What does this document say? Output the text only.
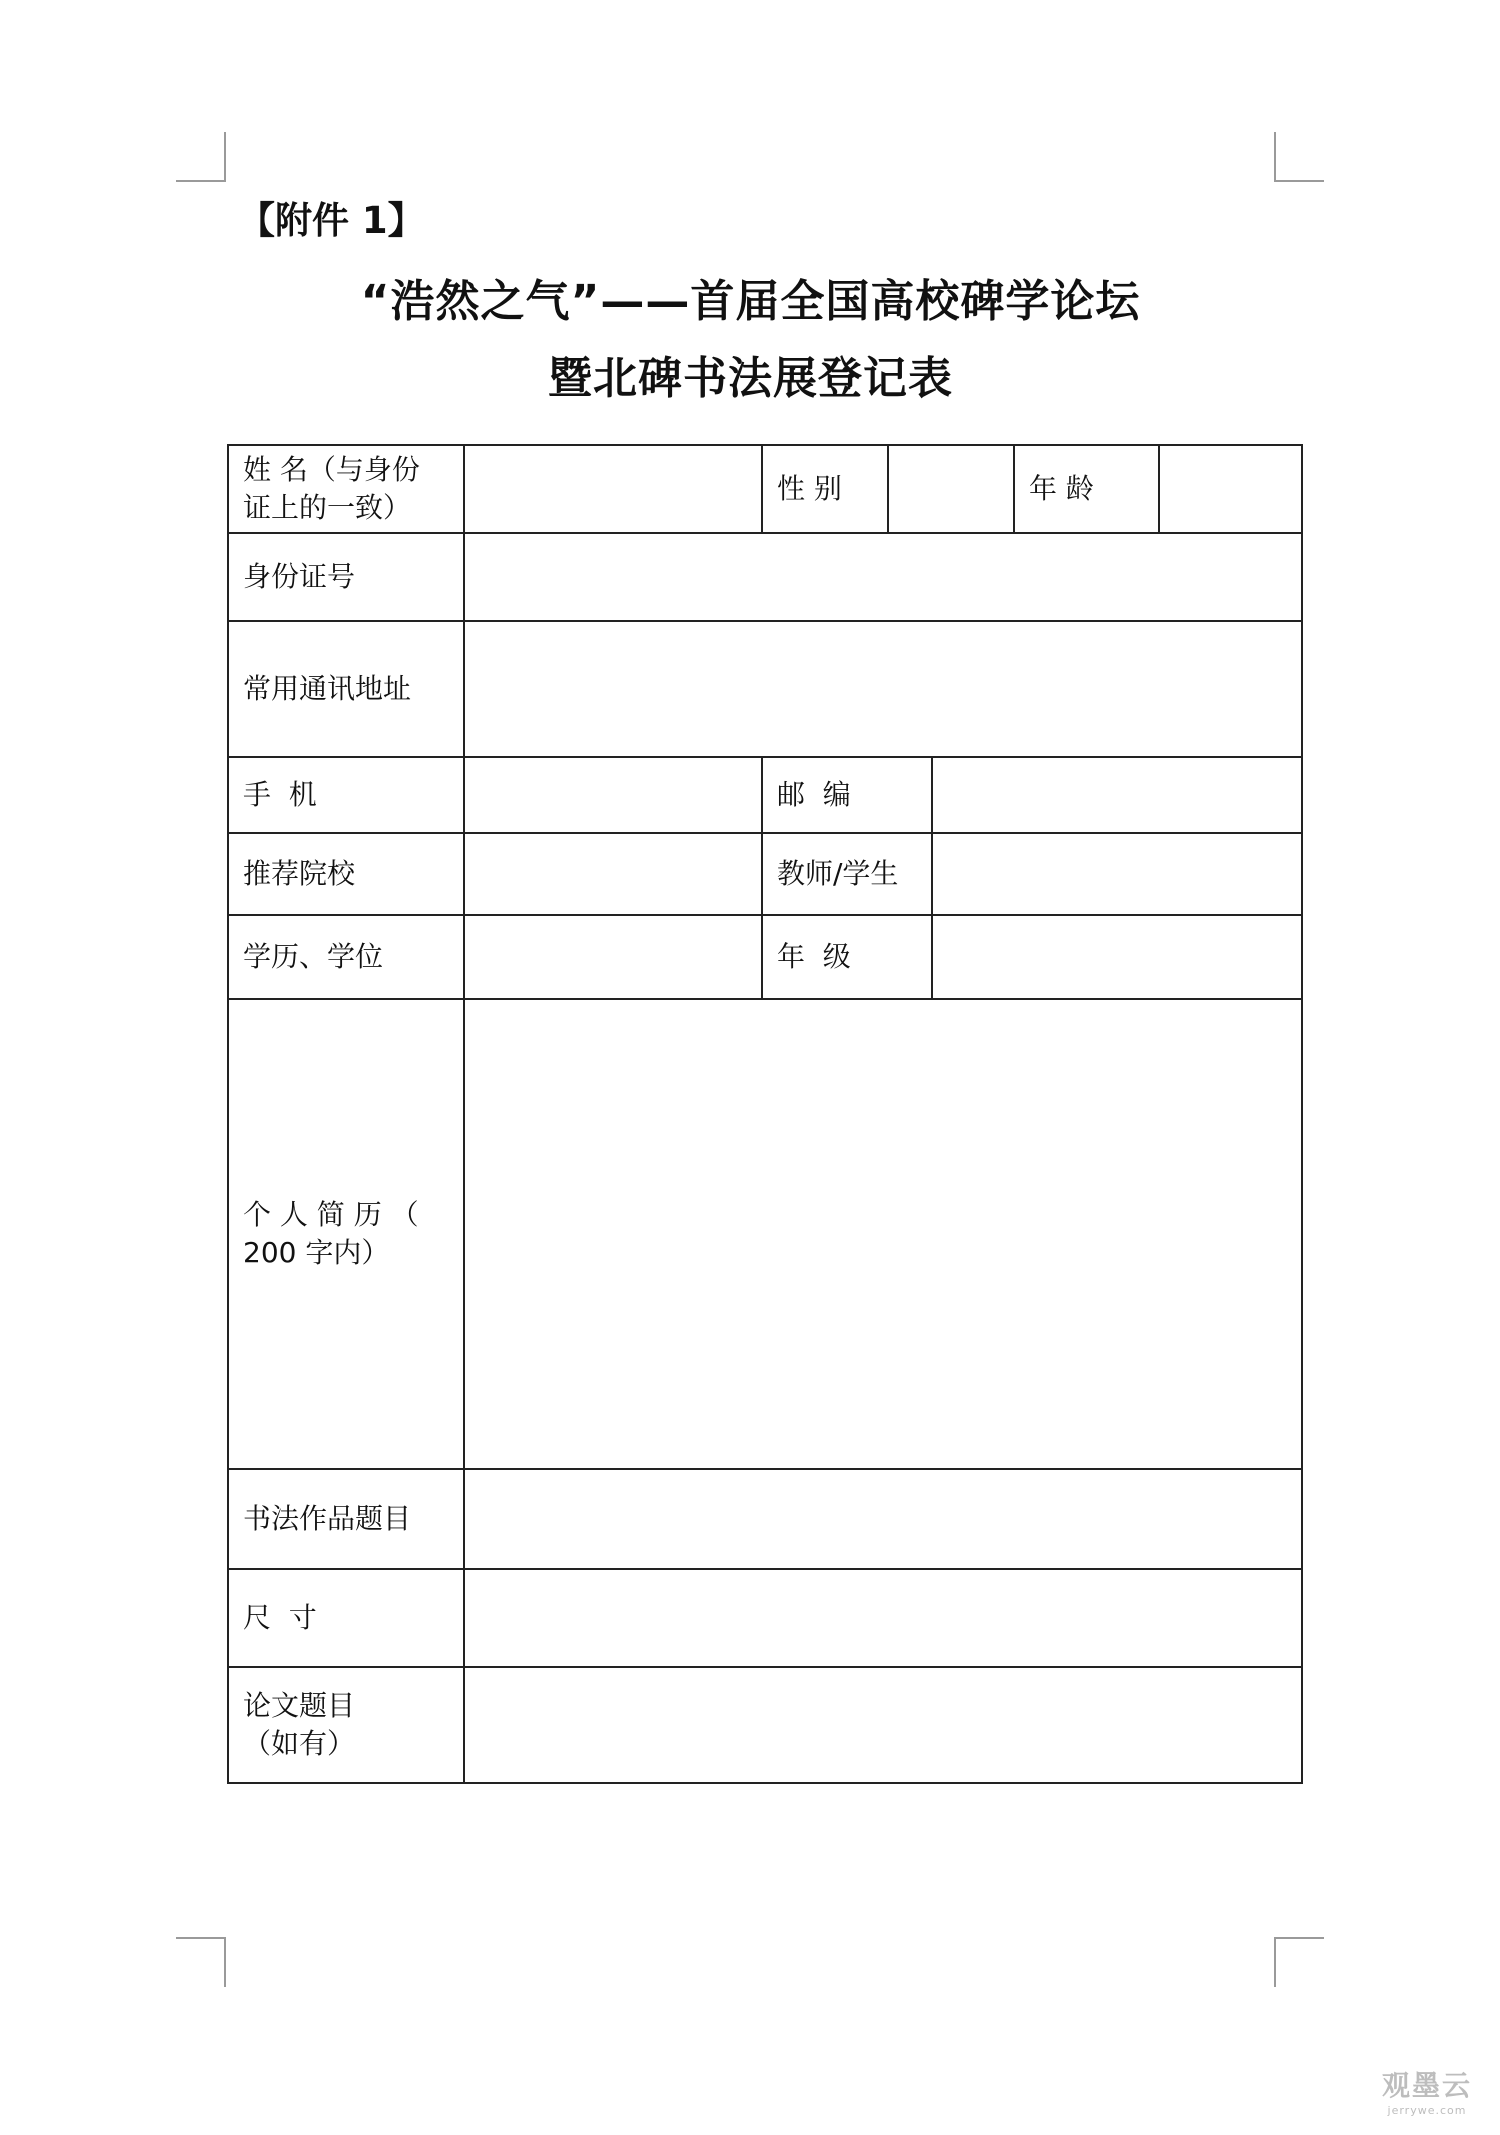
【附件 1】
“浩然之气”——首届全国高校碑学论坛
暨北碑书法展登记表
姓 名（与身份
证上的一致）		性 别			年 龄	
身份证号						
常用通讯地址						
手  机		邮  编				
推荐院校		教师/学生				
学历、学位		年  级				
个 人 简 历 （
200 字内）						
书法作品题目						
尺  寸						
论文题目
（如有）						
观墨云
jerrywe.com
